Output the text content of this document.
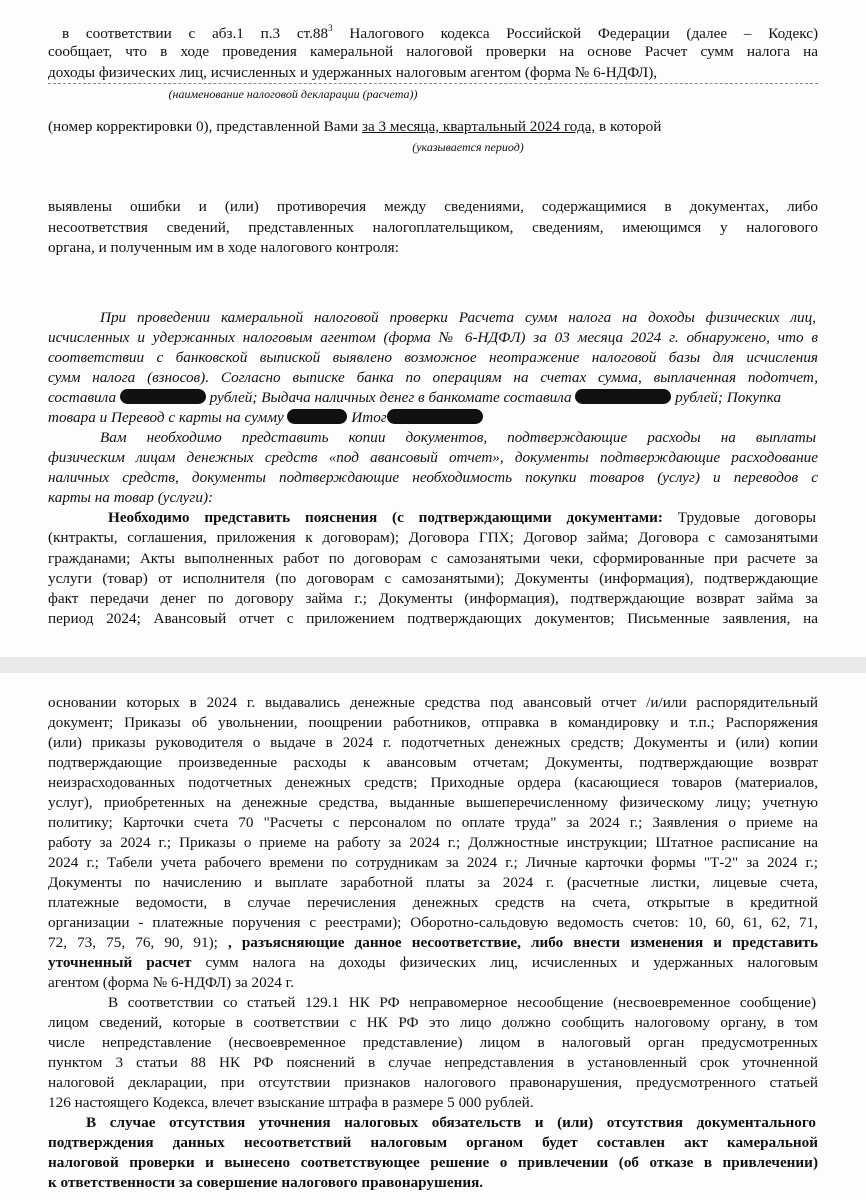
в соответствии с абз.1 п.3 $ст.88^3$ Налогового кодекса Российской Федерации (далее – Кодекс)
сообщает, что в ходе проведения камеральной налоговой проверки на основе Расчет сумм налога на
доходы физических лиц, исчисленных и удержанных налоговым агентом (форма № 6-НДФЛ),
(наименование налоговой декларации (расчета))
(номер корректировки 0), представленной Вами за 3 месяца, квартальный 2024 года, в которой
(указывается период)
выявлены ошибки и (или) противоречия между сведениями, содержащимися в документах, либо
несоответствия сведений, представленных налогоплательщиком, сведениям, имеющимся у налогового
органа, и полученным им в ходе налогового контроля:
При проведении камеральной налоговой проверки Расчета сумм налога на доходы физических лиц,
исчисленных и удержанных налоговым агентом (форма № 6-НДФЛ) за 03 месяца 2024 г. обнаружено, что в
соответствии с банковской выпиской выявлено возможное неотражение налоговой базы для исчисления
сумм налога (взносов). Согласно выписке банка по операциям на счетах сумма, выплаченная подотчет,
составила	рублей; Выдача наличных денег в банкомате составила	рублей; Покупка
товара и Перевод с карты на сумму	Итог
Вам необходимо представить копии документов, подтверждающие расходы на выплаты
физическим лицам денежных средств «под авансовый отчет», документы подтверждающие расходование
наличных средств, документы подтверждающие необходимость покупки товаров (услуг) и переводов с
карты на товар (услуги):
Необходимо представить пояснения (с подтверждающими документами: Трудовые договоры
(кнтракты, соглашения, приложения к договорам); Договора ГПХ; Договор займа; Договора с самозанятыми
гражданами; Акты выполненных работ по договорам с самозанятыми чеки, сформированные при расчете за
услуги (товар) от исполнителя (по договорам с самозанятыми); Документы (информация), подтверждающие
факт передачи денег по договору займа г.; Документы (информация), подтверждающие возврат займа за
период 2024; Авансовый отчет с приложением подтверждающих документов; Письменные заявления, на
основании которых в 2024 г. выдавались денежные средства под авансовый отчет /и/или распорядительный
документ; Приказы об увольнении, поощрении работников, отправка в командировку и т.п.; Распоряжения
(или) приказы руководителя о выдаче в 2024 г. подотчетных денежных средств; Документы и (или) копии
подтверждающие произведенные расходы к авансовым отчетам; Документы, подтверждающие возврат
неизрасходованных подотчетных денежных средств; Приходные ордера (касающиеся товаров (материалов,
услуг), приобретенных на денежные средства, выданные вышеперечисленному физическому лицу; учетную
политику; Карточки счета 70 "Расчеты с персоналом по оплате труда" за 2024 г.; Заявления о приеме на
работу за 2024 г.; Приказы о приеме на работу за 2024 г.; Должностные инструкции; Штатное расписание на
2024 г.; Табели учета рабочего времени по сотрудникам за 2024 г.; Личные карточки формы "Т-2" за 2024 г.;
Документы по начислению и выплате заработной платы за 2024 г. (расчетные листки, лицевые счета,
платежные ведомости, в случае перечисления денежных средств на счета, открытые в кредитной
организации - платежные поручения с реестрами); Оборотно-сальдовую ведомость счетов: 10, 60, 61, 62, 71,
72, 73, 75, 76, 90, 91); , разъясняющие данное несоответствие, либо внести изменения и представить
уточненный расчет сумм налога на доходы физических лиц, исчисленных и удержанных налоговым
агентом (форма № 6-НДФЛ) за 2024 г.
В соответствии со статьей 129.1 НК РФ неправомерное несообщение (несвоевременное сообщение)
лицом сведений, которые в соответствии с НК РФ это лицо должно сообщить налоговому органу, в том
числе непредставление (несвоевременное представление) лицом в налоговый орган предусмотренных
пунктом 3 статьи 88 НК РФ пояснений в случае непредставления в установленный срок уточненной
налоговой декларации, при отсутствии признаков налогового правонарушения, предусмотренного статьей
126 настоящего Кодекса, влечет взыскание штрафа в размере 5 000 рублей.
В случае отсутствия уточнения налоговых обязательств и (или) отсутствия документального
подтверждения данных несоответствий налоговым органом будет составлен акт камеральной
налоговой проверки и вынесено соответствующее решение о привлечении (об отказе в привлечении)
к ответственности за совершение налогового правонарушения.
